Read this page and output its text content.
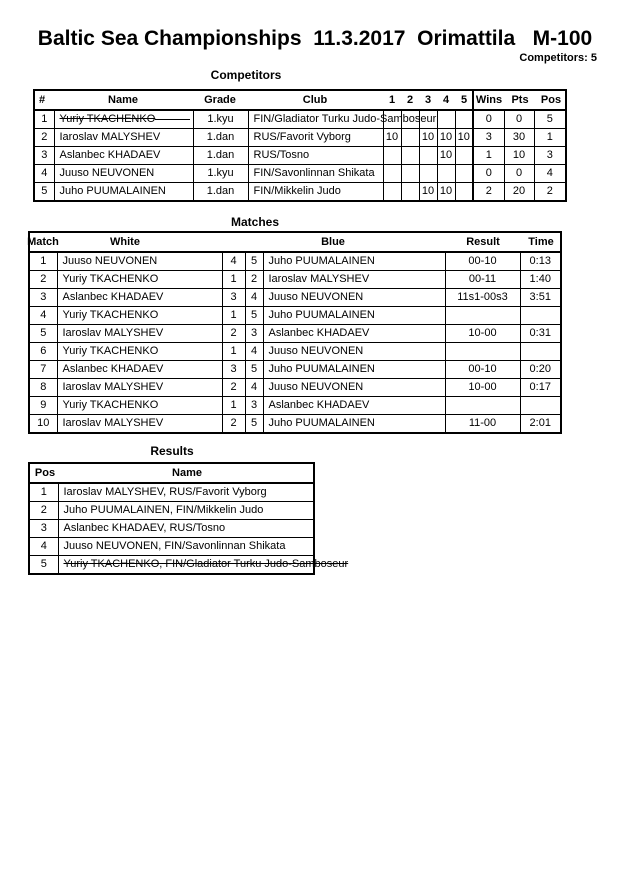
Baltic Sea Championships  11.3.2017  Orimattila   M-100
Competitors: 5
Competitors
#	Name	Grade	Club	1 2 3 4 5 Wins Pts Pos
1	Yuriy TKACHENKO	1.kyu	FIN/Gladiator Turku Judo-Samboseur						0	0	5
2	Iaroslav MALYSHEV	1.dan	RUS/Favorit Vyborg	10		10	10	10	3	30	1
3	Aslanbec KHADAEV	1.dan	RUS/Tosno				10		1	10	3
4	Juuso NEUVONEN	1.kyu	FIN/Savonlinnan Shikata						0	0	4
5	Juho PUUMALAINEN	1.dan	FIN/Mikkelin Judo			10	10		2	20	2
Matches
Match	White	Blue	Result	Time
1	Juuso NEUVONEN	4	5	Juho PUUMALAINEN	00-10	0:13
2	Yuriy TKACHENKO	1	2	Iaroslav MALYSHEV	00-11	1:40
3	Aslanbec KHADAEV	3	4	Juuso NEUVONEN	11s1-00s3	3:51
4	Yuriy TKACHENKO	1	5	Juho PUUMALAINEN		
5	Iaroslav MALYSHEV	2	3	Aslanbec KHADAEV	10-00	0:31
6	Yuriy TKACHENKO	1	4	Juuso NEUVONEN		
7	Aslanbec KHADAEV	3	5	Juho PUUMALAINEN	00-10	0:20
8	Iaroslav MALYSHEV	2	4	Juuso NEUVONEN	10-00	0:17
9	Yuriy TKACHENKO	1	3	Aslanbec KHADAEV		
10	Iaroslav MALYSHEV	2	5	Juho PUUMALAINEN	11-00	2:01
Results
Pos	Name
1	Iaroslav MALYSHEV, RUS/Favorit Vyborg
2	Juho PUUMALAINEN, FIN/Mikkelin Judo
3	Aslanbec KHADAEV, RUS/Tosno
4	Juuso NEUVONEN, FIN/Savonlinnan Shikata
5	Yuriy TKACHENKO, FIN/Gladiator Turku Judo-Samboseur
